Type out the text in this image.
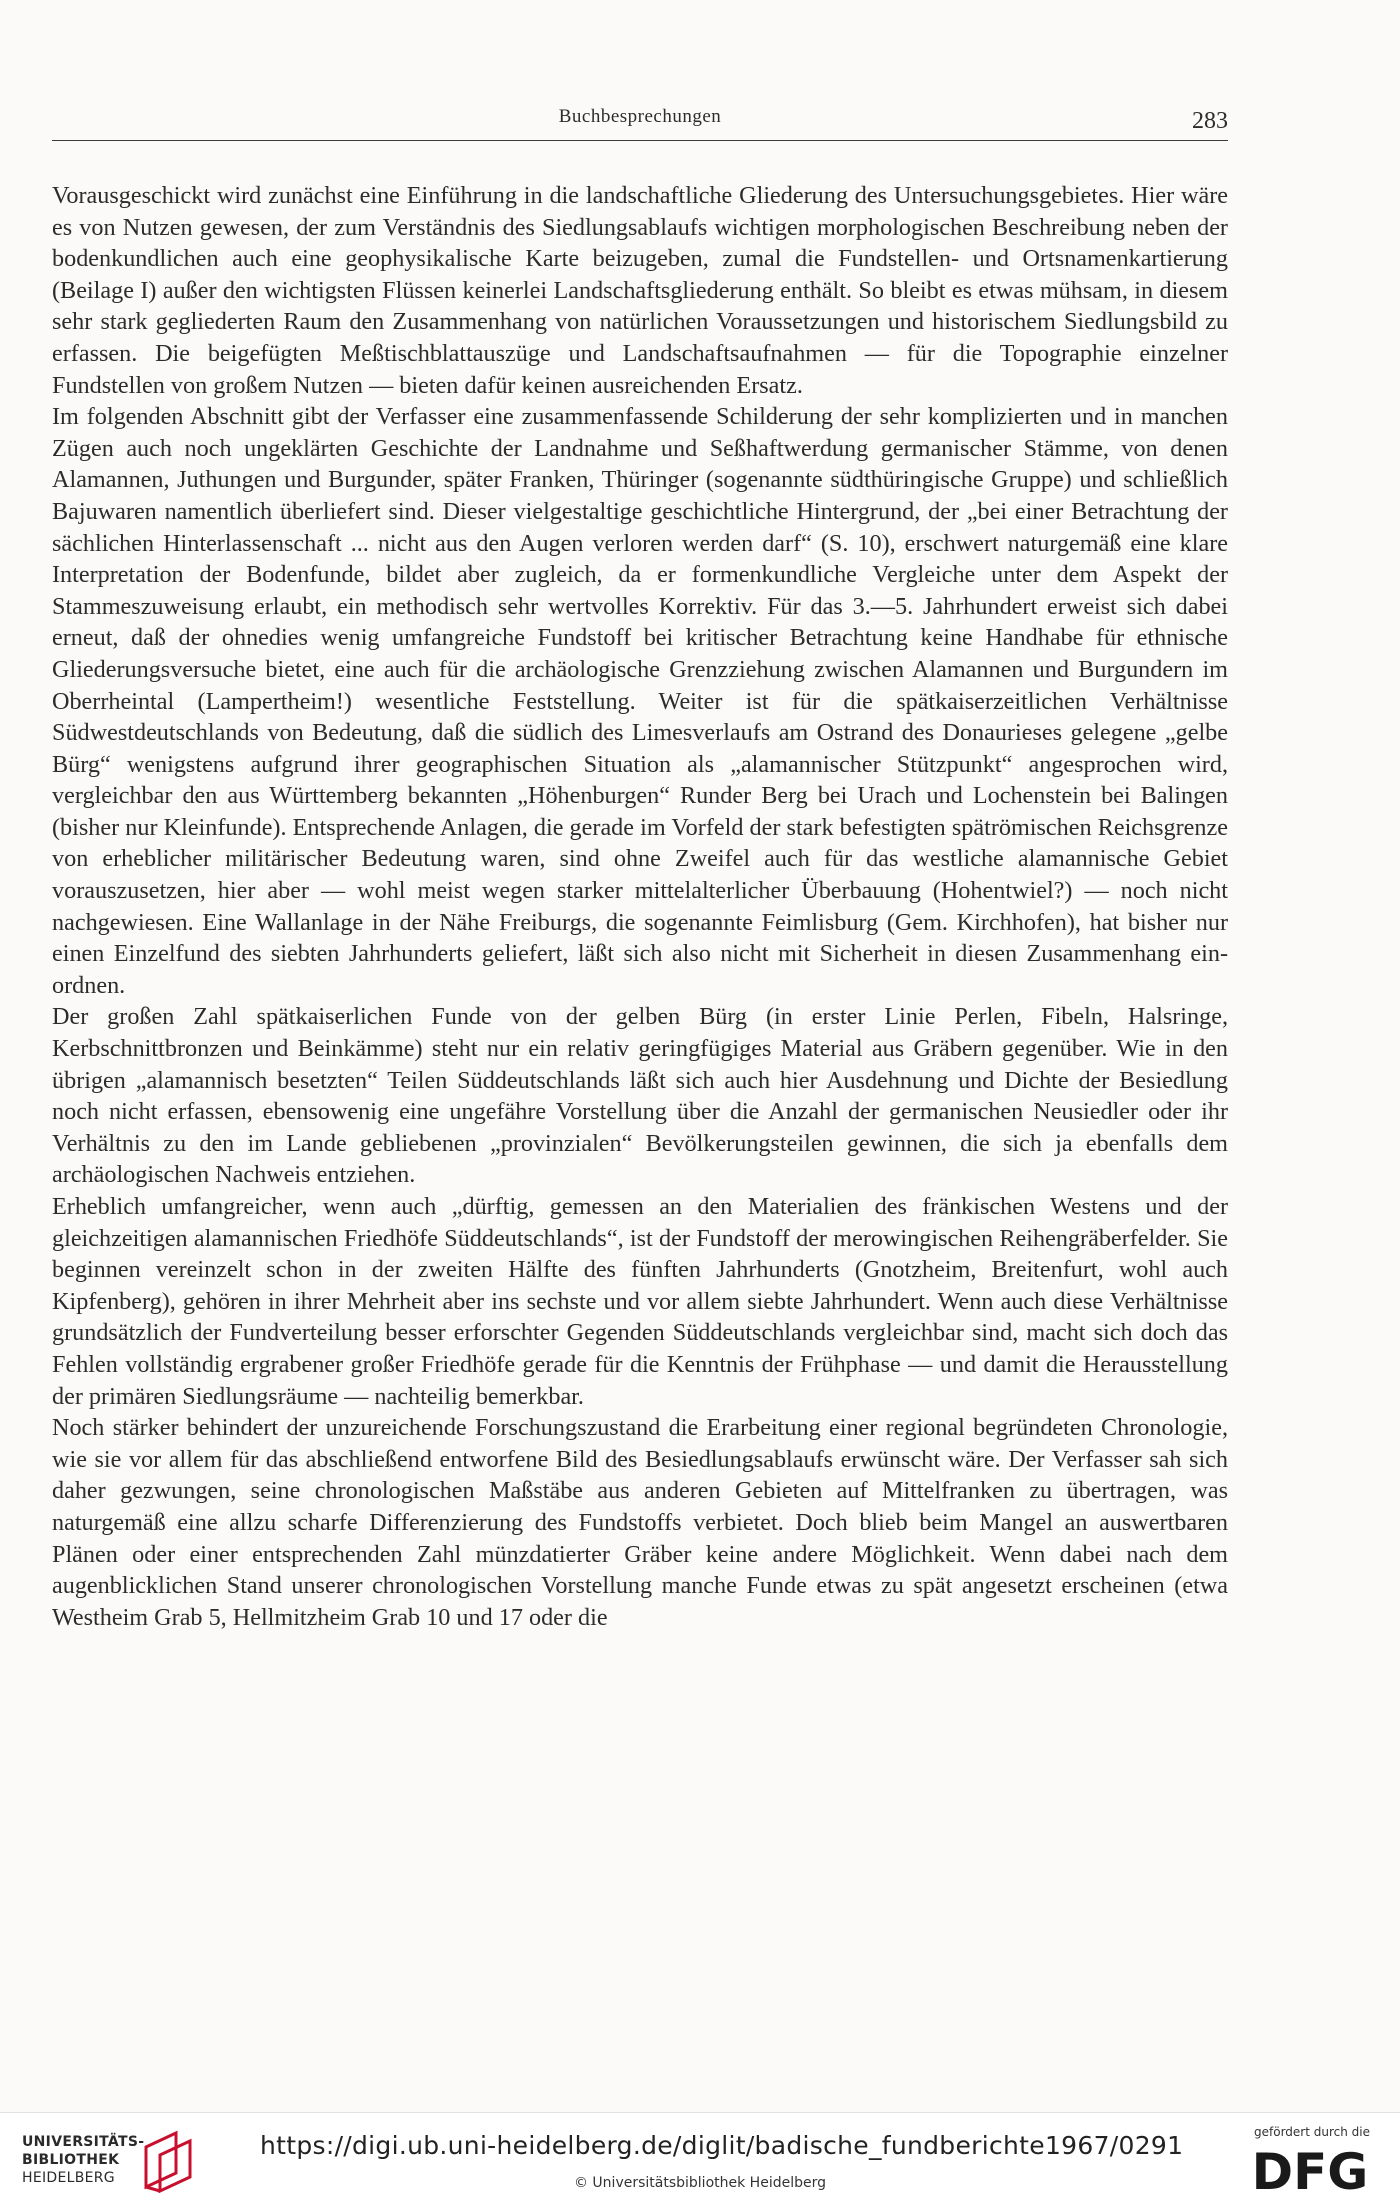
Buchbesprechungen	283

Vorausgeschickt wird zunächst eine Einführung in die landschaftliche Gliederung des Untersuchungsgebietes. Hier wäre es von Nutzen gewesen, der zum Verständnis des Siedlungsablaufs wichtigen morphologischen Beschreibung neben der bodenkundlichen auch eine geophysikalische Karte beizugeben, zumal die Fundstellen- und Ortsnamenkartierung (Beilage I) außer den wichtigsten Flüssen keinerlei Landschaftsgliederung enthält. So bleibt es etwas mühsam, in diesem sehr stark gegliederten Raum den Zusammenhang von natürlichen Voraussetzungen und historischem Siedlungsbild zu erfassen. Die beigefügten Meßtischblattauszüge und Landschaftsaufnahmen — für die Topographie einzelner Fundstellen von großem Nutzen — bieten dafür keinen ausreichenden Ersatz.

Im folgenden Abschnitt gibt der Verfasser eine zusammenfassende Schilderung der sehr komplizierten und in manchen Zügen auch noch ungeklärten Geschichte der Landnahme und Seßhaftwerdung germanischer Stämme, von denen Alamannen, Juthungen und Burgunder, später Franken, Thüringer (sogenannte südthüringische Gruppe) und schließlich Bajuwaren namentlich überliefert sind. Dieser vielgestaltige geschichtliche Hintergrund, der „bei einer Betrachtung der sächlichen Hinterlassenschaft ... nicht aus den Augen verloren werden darf“ (S. 10), erschwert naturgemäß eine klare Interpretation der Bodenfunde, bildet aber zugleich, da er formenkundliche Vergleiche unter dem Aspekt der Stammeszuweisung erlaubt, ein methodisch sehr wertvolles Korrektiv. Für das 3.—5. Jahrhundert erweist sich dabei erneut, daß der ohnedies wenig umfangreiche Fundstoff bei kritischer Betrachtung keine Handhabe für ethnische Gliederungsversuche bietet, eine auch für die archäologische Grenzziehung zwischen Alamannen und Burgundern im Oberrheintal (Lampertheim!) wesentliche Feststellung. Weiter ist für die spätkaiserzeitlichen Verhältnisse Südwestdeutschlands von Bedeutung, daß die südlich des Limesverlaufs am Ostrand des Donaurieses gelegene „gelbe Bürg“ wenigstens aufgrund ihrer geographischen Situation als „alamannischer Stützpunkt“ angesprochen wird, vergleichbar den aus Württemberg bekannten „Höhenburgen“ Runder Berg bei Urach und Lochenstein bei Balingen (bisher nur Kleinfunde). Entsprechende Anlagen, die gerade im Vorfeld der stark befestigten spätrömischen Reichsgrenze von erheblicher militärischer Bedeutung waren, sind ohne Zweifel auch für das westliche alamannische Gebiet vorauszusetzen, hier aber — wohl meist wegen starker mittelalterlicher Überbauung (Hohentwiel?) — noch nicht nachgewiesen. Eine Wallanlage in der Nähe Freiburgs, die sogenannte Feimlisburg (Gem. Kirchhofen), hat bisher nur einen Einzelfund des siebten Jahrhunderts geliefert, läßt sich also nicht mit Sicherheit in diesen Zusammenhang einordnen.

Der großen Zahl spätkaiserlichen Funde von der gelben Bürg (in erster Linie Perlen, Fibeln, Halsringe, Kerbschnittbronzen und Beinkämme) steht nur ein relativ geringfügiges Material aus Gräbern gegenüber. Wie in den übrigen „alamannisch besetzten“ Teilen Süddeutschlands läßt sich auch hier Ausdehnung und Dichte der Besiedlung noch nicht erfassen, ebensowenig eine ungefähre Vorstellung über die Anzahl der germanischen Neusiedler oder ihr Verhältnis zu den im Lande gebliebenen „provinzialen“ Bevölkerungsteilen gewinnen, die sich ja ebenfalls dem archäologischen Nachweis entziehen.

Erheblich umfangreicher, wenn auch „dürftig, gemessen an den Materialien des fränkischen Westens und der gleichzeitigen alamannischen Friedhöfe Süddeutschlands“, ist der Fundstoff der merowingischen Reihengräberfelder. Sie beginnen vereinzelt schon in der zweiten Hälfte des fünften Jahrhunderts (Gnotzheim, Breitenfurt, wohl auch Kipfenberg), gehören in ihrer Mehrheit aber ins sechste und vor allem siebte Jahrhundert. Wenn auch diese Verhältnisse grundsätzlich der Fundverteilung besser erforschter Gegenden Süddeutschlands vergleichbar sind, macht sich doch das Fehlen vollständig ergrabener großer Friedhöfe gerade für die Kenntnis der Frühphase — und damit die Herausstellung der primären Siedlungsräume — nachteilig bemerkbar.

Noch stärker behindert der unzureichende Forschungszustand die Erarbeitung einer regional begründeten Chronologie, wie sie vor allem für das abschließend entworfene Bild des Besiedlungsablaufs erwünscht wäre. Der Verfasser sah sich daher gezwungen, seine chronologischen Maßstäbe aus anderen Gebieten auf Mittelfranken zu übertragen, was naturgemäß eine allzu scharfe Differenzierung des Fundstoffs verbietet. Doch blieb beim Mangel an auswertbaren Plänen oder einer entsprechenden Zahl münzdatierter Gräber keine andere Möglichkeit. Wenn dabei nach dem augenblicklichen Stand unserer chronologischen Vorstellung manche Funde etwas zu spät angesetzt erscheinen (etwa Westheim Grab 5, Hellmitzheim Grab 10 und 17 oder die

UNIVERSITÄTS-
BIBLIOTHEK
HEIDELBERG
https://digi.ub.uni-heidelberg.de/diglit/badische_fundberichte1967/0291
© Universitätsbibliothek Heidelberg
gefördert durch die
DFG
